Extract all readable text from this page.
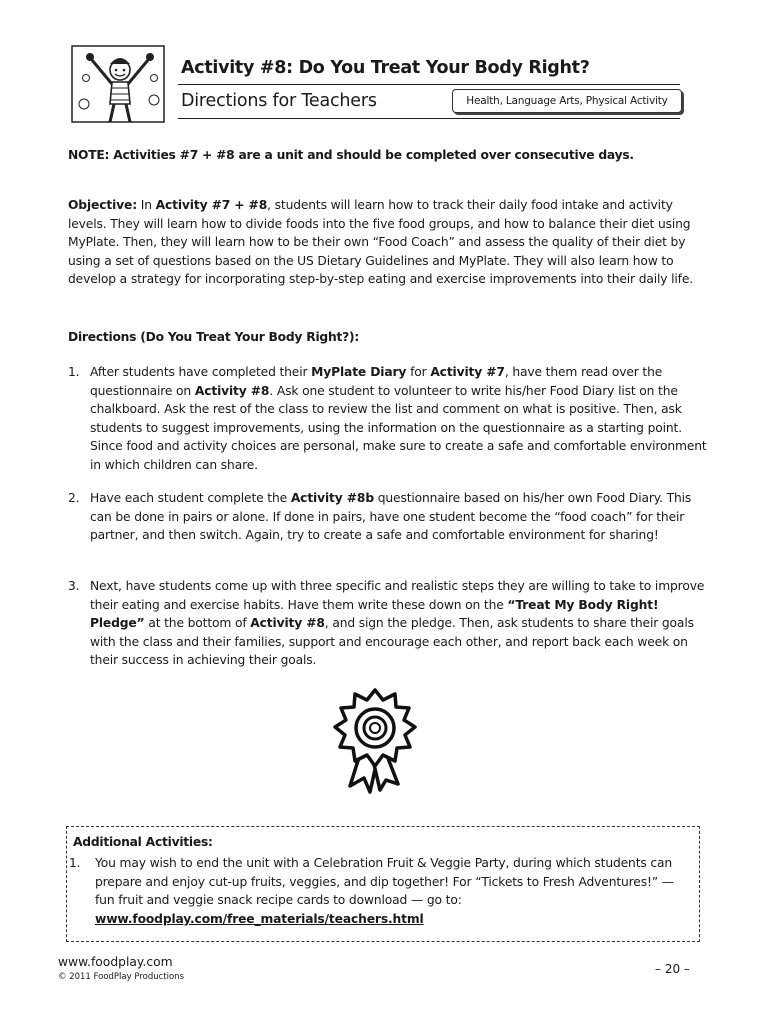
Activity #8: Do You Treat Your Body Right?
Directions for Teachers	Health, Language Arts, Physical Activity
NOTE: Activities #7 + #8 are a unit and should be completed over consecutive days.
Objective: In Activity #7 + #8, students will learn how to track their daily food intake and activity levels. They will learn how to divide foods into the five food groups, and how to balance their diet using MyPlate. Then, they will learn how to be their own “Food Coach” and assess the quality of their diet by using a set of questions based on the US Dietary Guidelines and MyPlate. They will also learn how to develop a strategy for incorporating step-by-step eating and exercise improvements into their daily life.
Directions (Do You Treat Your Body Right?):
1. After students have completed their MyPlate Diary for Activity #7, have them read over the questionnaire on Activity #8. Ask one student to volunteer to write his/her Food Diary list on the chalkboard. Ask the rest of the class to review the list and comment on what is positive. Then, ask students to suggest improvements, using the information on the questionnaire as a starting point. Since food and activity choices are personal, make sure to create a safe and comfortable environment in which children can share.
2. Have each student complete the Activity #8b questionnaire based on his/her own Food Diary. This can be done in pairs or alone. If done in pairs, have one student become the “food coach” for their partner, and then switch. Again, try to create a safe and comfortable environment for sharing!
3. Next, have students come up with three specific and realistic steps they are willing to take to improve their eating and exercise habits. Have them write these down on the “Treat My Body Right! Pledge” at the bottom of Activity #8, and sign the pledge. Then, ask students to share their goals with the class and their families, support and encourage each other, and report back each week on their success in achieving their goals.
Additional Activities:
1. You may wish to end the unit with a Celebration Fruit & Veggie Party, during which students can prepare and enjoy cut-up fruits, veggies, and dip together! For “Tickets to Fresh Adventures!” — fun fruit and veggie snack recipe cards to download — go to:
www.foodplay.com/free_materials/teachers.html
www.foodplay.com
© 2011 FoodPlay Productions
– 20 –
